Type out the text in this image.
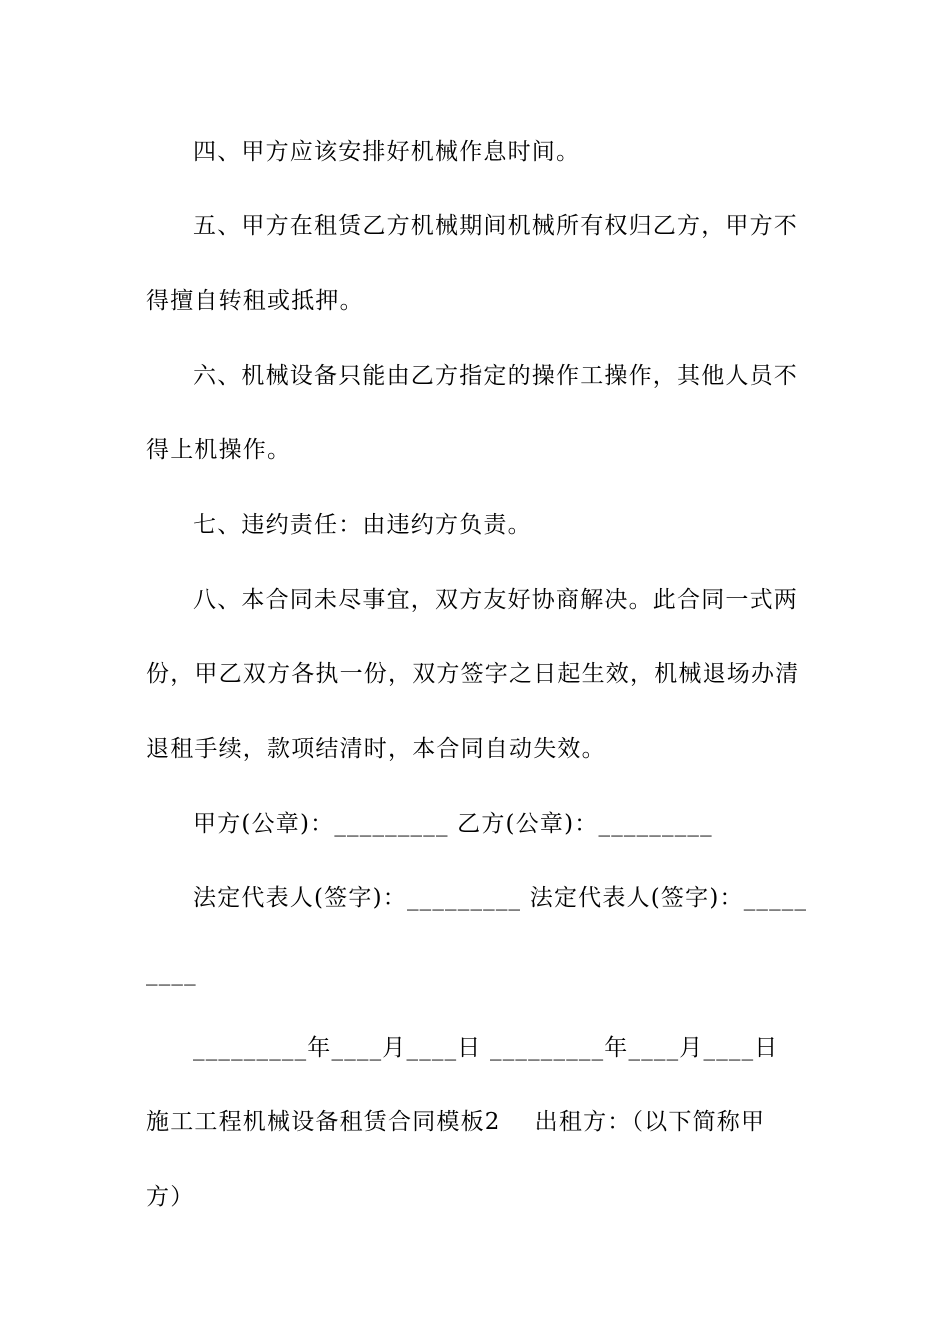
四、甲方应该安排好机械作息时间。
五、甲方在租赁乙方机械期间机械所有权归乙方，甲方不
得擅自转租或抵押。
六、机械设备只能由乙方指定的操作工操作，其他人员不
得上机操作。
七、违约责任：由违约方负责。
八、本合同未尽事宜，双方友好协商解决。此合同一式两
份，甲乙双方各执一份，双方签字之日起生效，机械退场办清
退租手续，款项结清时，本合同自动失效。
甲方(公章)：_________ 乙方(公章)：_________
法定代表人(签字)：_________ 法定代表人(签字)：_____
____
_________年____月____日 _________年____月____日
施工工程机械设备租赁合同模板2    出租方：（以下简称甲
方）
